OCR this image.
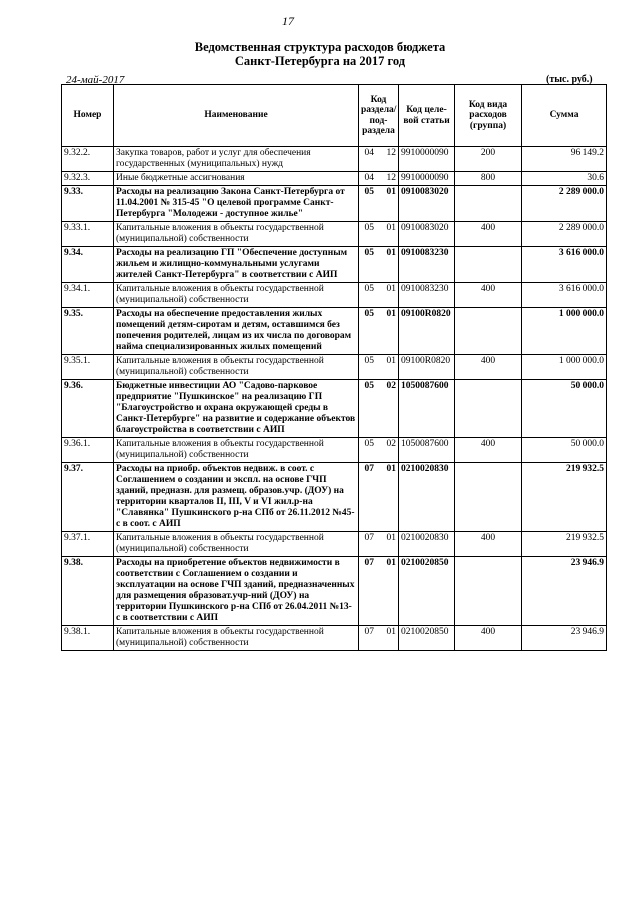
17
Ведомственная структура расходов бюджета
Санкт-Петербурга на 2017 год
24-май-2017	(тыс. руб.)
Номер	Наименование	Код раздела/ под-раздела		Код целе-вой статьи	Код вида расходов (группа)	Сумма
9.32.2.	Закупка товаров, работ и услуг для обеспечения государственных (муниципальных) нужд	04	12	9910000090	200	96 149.2
9.32.3.	Иные бюджетные ассигнования	04	12	9910000090	800	30.6
9.33.	Расходы на реализацию Закона Санкт-Петербурга от 11.04.2001 № 315-45 "О целевой программе Санкт-Петербурга "Молодежи - доступное жилье"	05	01	0910083020		2 289 000.0
9.33.1.	Капитальные вложения в объекты государственной (муниципальной) собственности	05	01	0910083020	400	2 289 000.0
9.34.	Расходы на реализацию ГП "Обеспечение доступным жильем и жилищно-коммунальными услугами жителей Санкт-Петербурга" в соответствии с АИП	05	01	0910083230		3 616 000.0
9.34.1.	Капитальные вложения в объекты государственной (муниципальной) собственности	05	01	0910083230	400	3 616 000.0
9.35.	Расходы на обеспечение предоставления жилых помещений детям-сиротам и детям, оставшимся без попечения родителей, лицам из их числа по договорам найма специализированных жилых помещений	05	01	09100R0820		1 000 000.0
9.35.1.	Капитальные вложения в объекты государственной (муниципальной) собственности	05	01	09100R0820	400	1 000 000.0
9.36.	Бюджетные инвестиции АО "Садово-парковое предприятие "Пушкинское" на реализацию ГП "Благоустройство и охрана окружающей среды в Санкт-Петербурге" на развитие и содержание объектов благоустройства в соответствии с АИП	05	02	1050087600		50 000.0
9.36.1.	Капитальные вложения в объекты государственной (муниципальной) собственности	05	02	1050087600	400	50 000.0
9.37.	Расходы на приобр. объектов недвиж. в соот. с Соглашением о создании и экспл. на основе ГЧП зданий, предназн. для размещ. образов.учр. (ДОУ) на территории кварталов II, III, V и VI жил.р-на "Славянка" Пушкинского р-на СПб от 26.11.2012 №45-с в соот. с АИП	07	01	0210020830		219 932.5
9.37.1.	Капитальные вложения в объекты государственной (муниципальной) собственности	07	01	0210020830	400	219 932.5
9.38.	Расходы на приобретение объектов недвижимости в соответствии с Соглашением о создании и эксплуатации на основе ГЧП зданий, предназначенных для размещения образоват.учр-ний (ДОУ) на территории Пушкинского р-на СПб от 26.04.2011 №13-с в соответствии с АИП	07	01	0210020850		23 946.9
9.38.1.	Капитальные вложения в объекты государственной (муниципальной) собственности	07	01	0210020850	400	23 946.9
